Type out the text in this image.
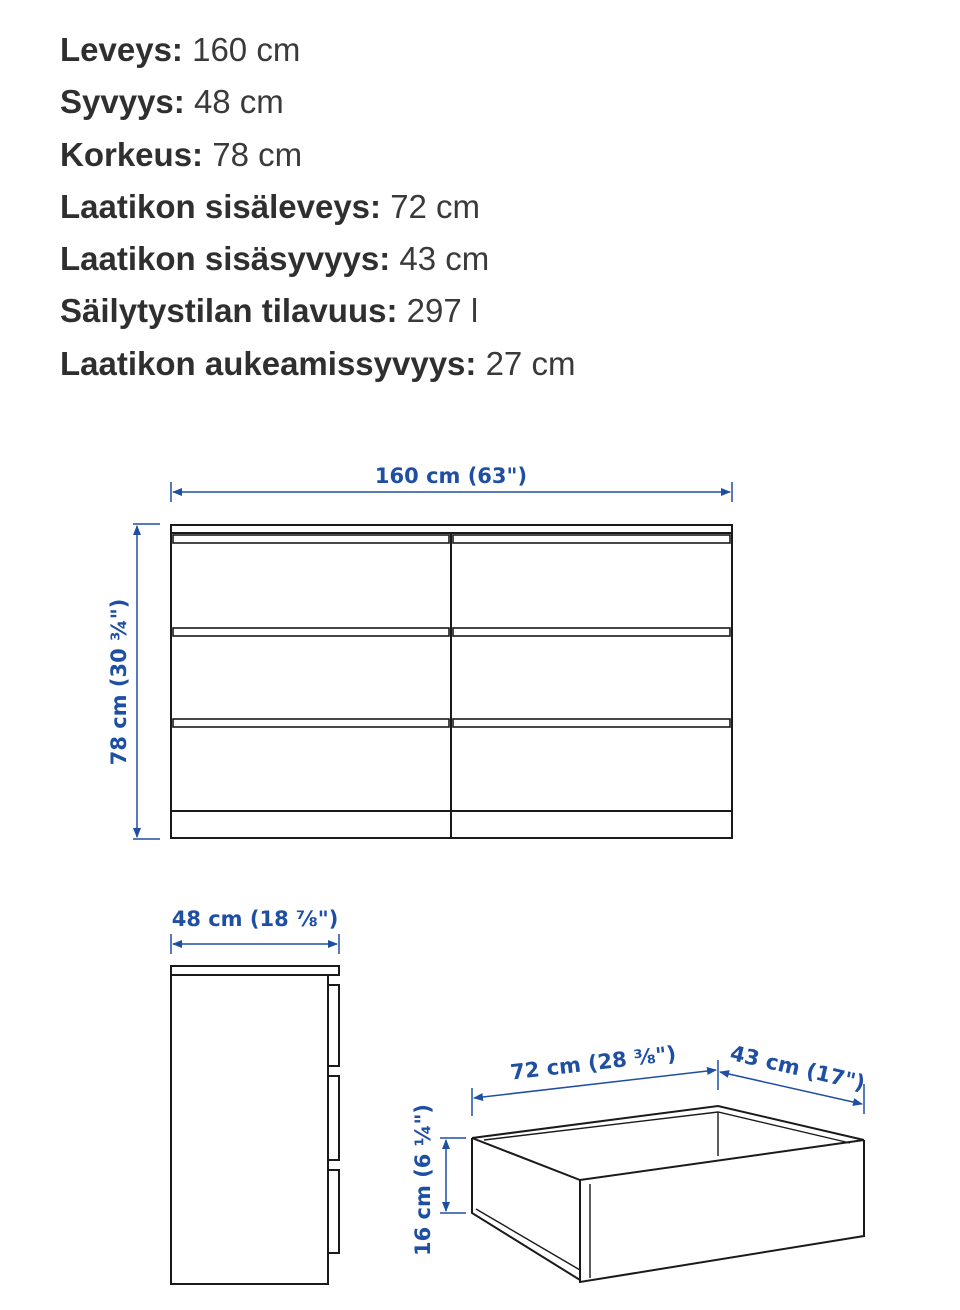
Leveys: 160 cm
Syvyys: 48 cm
Korkeus: 78 cm
Laatikon sisäleveys: 72 cm
Laatikon sisäsyvyys: 43 cm
Säilytystilan tilavuus: 297 l
Laatikon aukeamissyvyys: 27 cm
160 cm (63")
78 cm (30 ¾")
48 cm (18 ⅞")
16 cm (6 ¼")
72 cm (28 ⅜") 43 cm (17")
